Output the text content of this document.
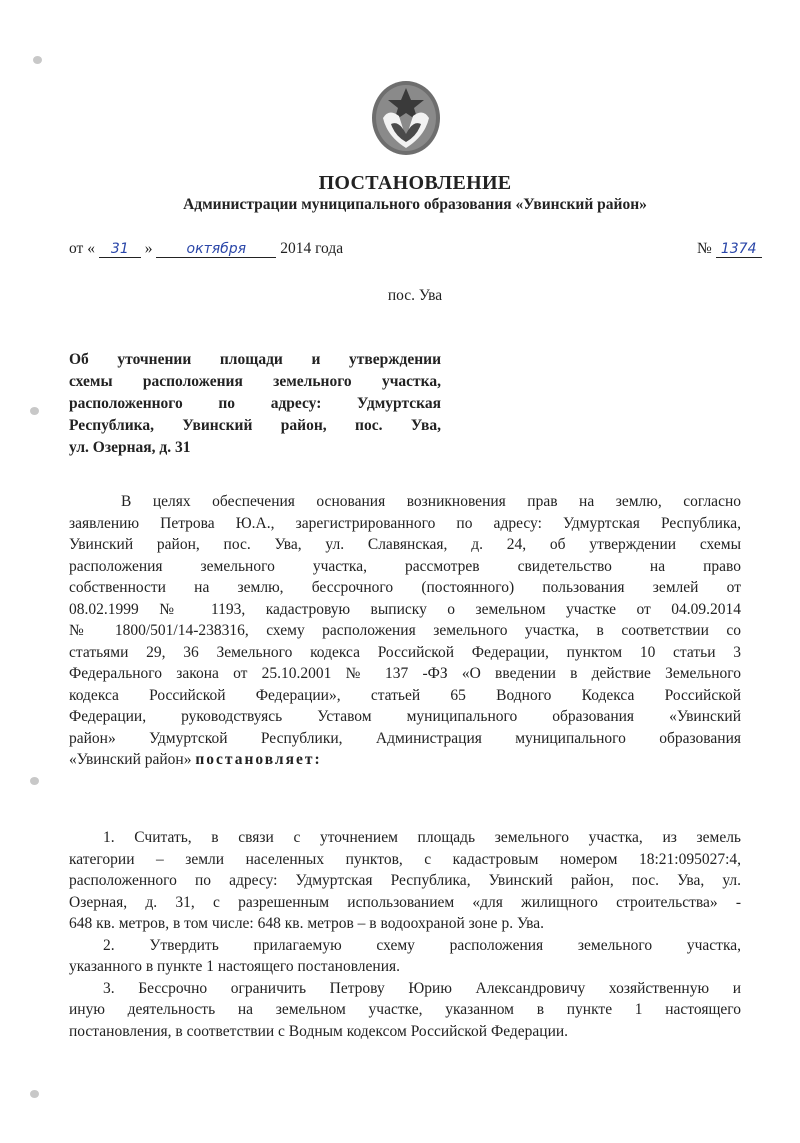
ПОСТАНОВЛЕНИЕ
Администрации муниципального образования «Увинский район»
от « 31 » октября 2014 года	№ 1374
пос. Ува
Об уточнении площади и утверждении
схемы расположения земельного участка,
расположенного по адресу: Удмуртская
Республика, Увинский район, пос. Ува,
ул. Озерная, д. 31
В целях обеспечения основания возникновения прав на землю, согласно
заявлению Петрова Ю.А., зарегистрированного по адресу: Удмуртская Республика,
Увинский район, пос. Ува, ул. Славянская, д. 24, об утверждении схемы
расположения земельного участка, рассмотрев свидетельство на право
собственности на землю, бессрочного (постоянного) пользования землей от
08.02.1999 № 1193, кадастровую выписку о земельном участке от 04.09.2014
№ 1800/501/14-238316, схему расположения земельного участка, в соответствии со
статьями 29, 36 Земельного кодекса Российской Федерации, пунктом 10 статьи 3
Федерального закона от 25.10.2001 № 137 -ФЗ «О введении в действие Земельного
кодекса Российской Федерации», статьей 65 Водного Кодекса Российской
Федерации, руководствуясь Уставом муниципального образования «Увинский
район» Удмуртской Республики, Администрация муниципального образования
«Увинский район» постановляет:
1. Считать, в связи с уточнением площадь земельного участка, из земель
категории – земли населенных пунктов, с кадастровым номером 18:21:095027:4,
расположенного по адресу: Удмуртская Республика, Увинский район, пос. Ува, ул.
Озерная, д. 31, с разрешенным использованием «для жилищного строительства» -
648 кв. метров, в том числе: 648 кв. метров – в водоохраной зоне р. Ува.
2. Утвердить прилагаемую схему расположения земельного участка,
указанного в пункте 1 настоящего постановления.
3. Бессрочно ограничить Петрову Юрию Александровичу хозяйственную и
иную деятельность на земельном участке, указанном в пункте 1 настоящего
постановления, в соответствии с Водным кодексом Российской Федерации.
